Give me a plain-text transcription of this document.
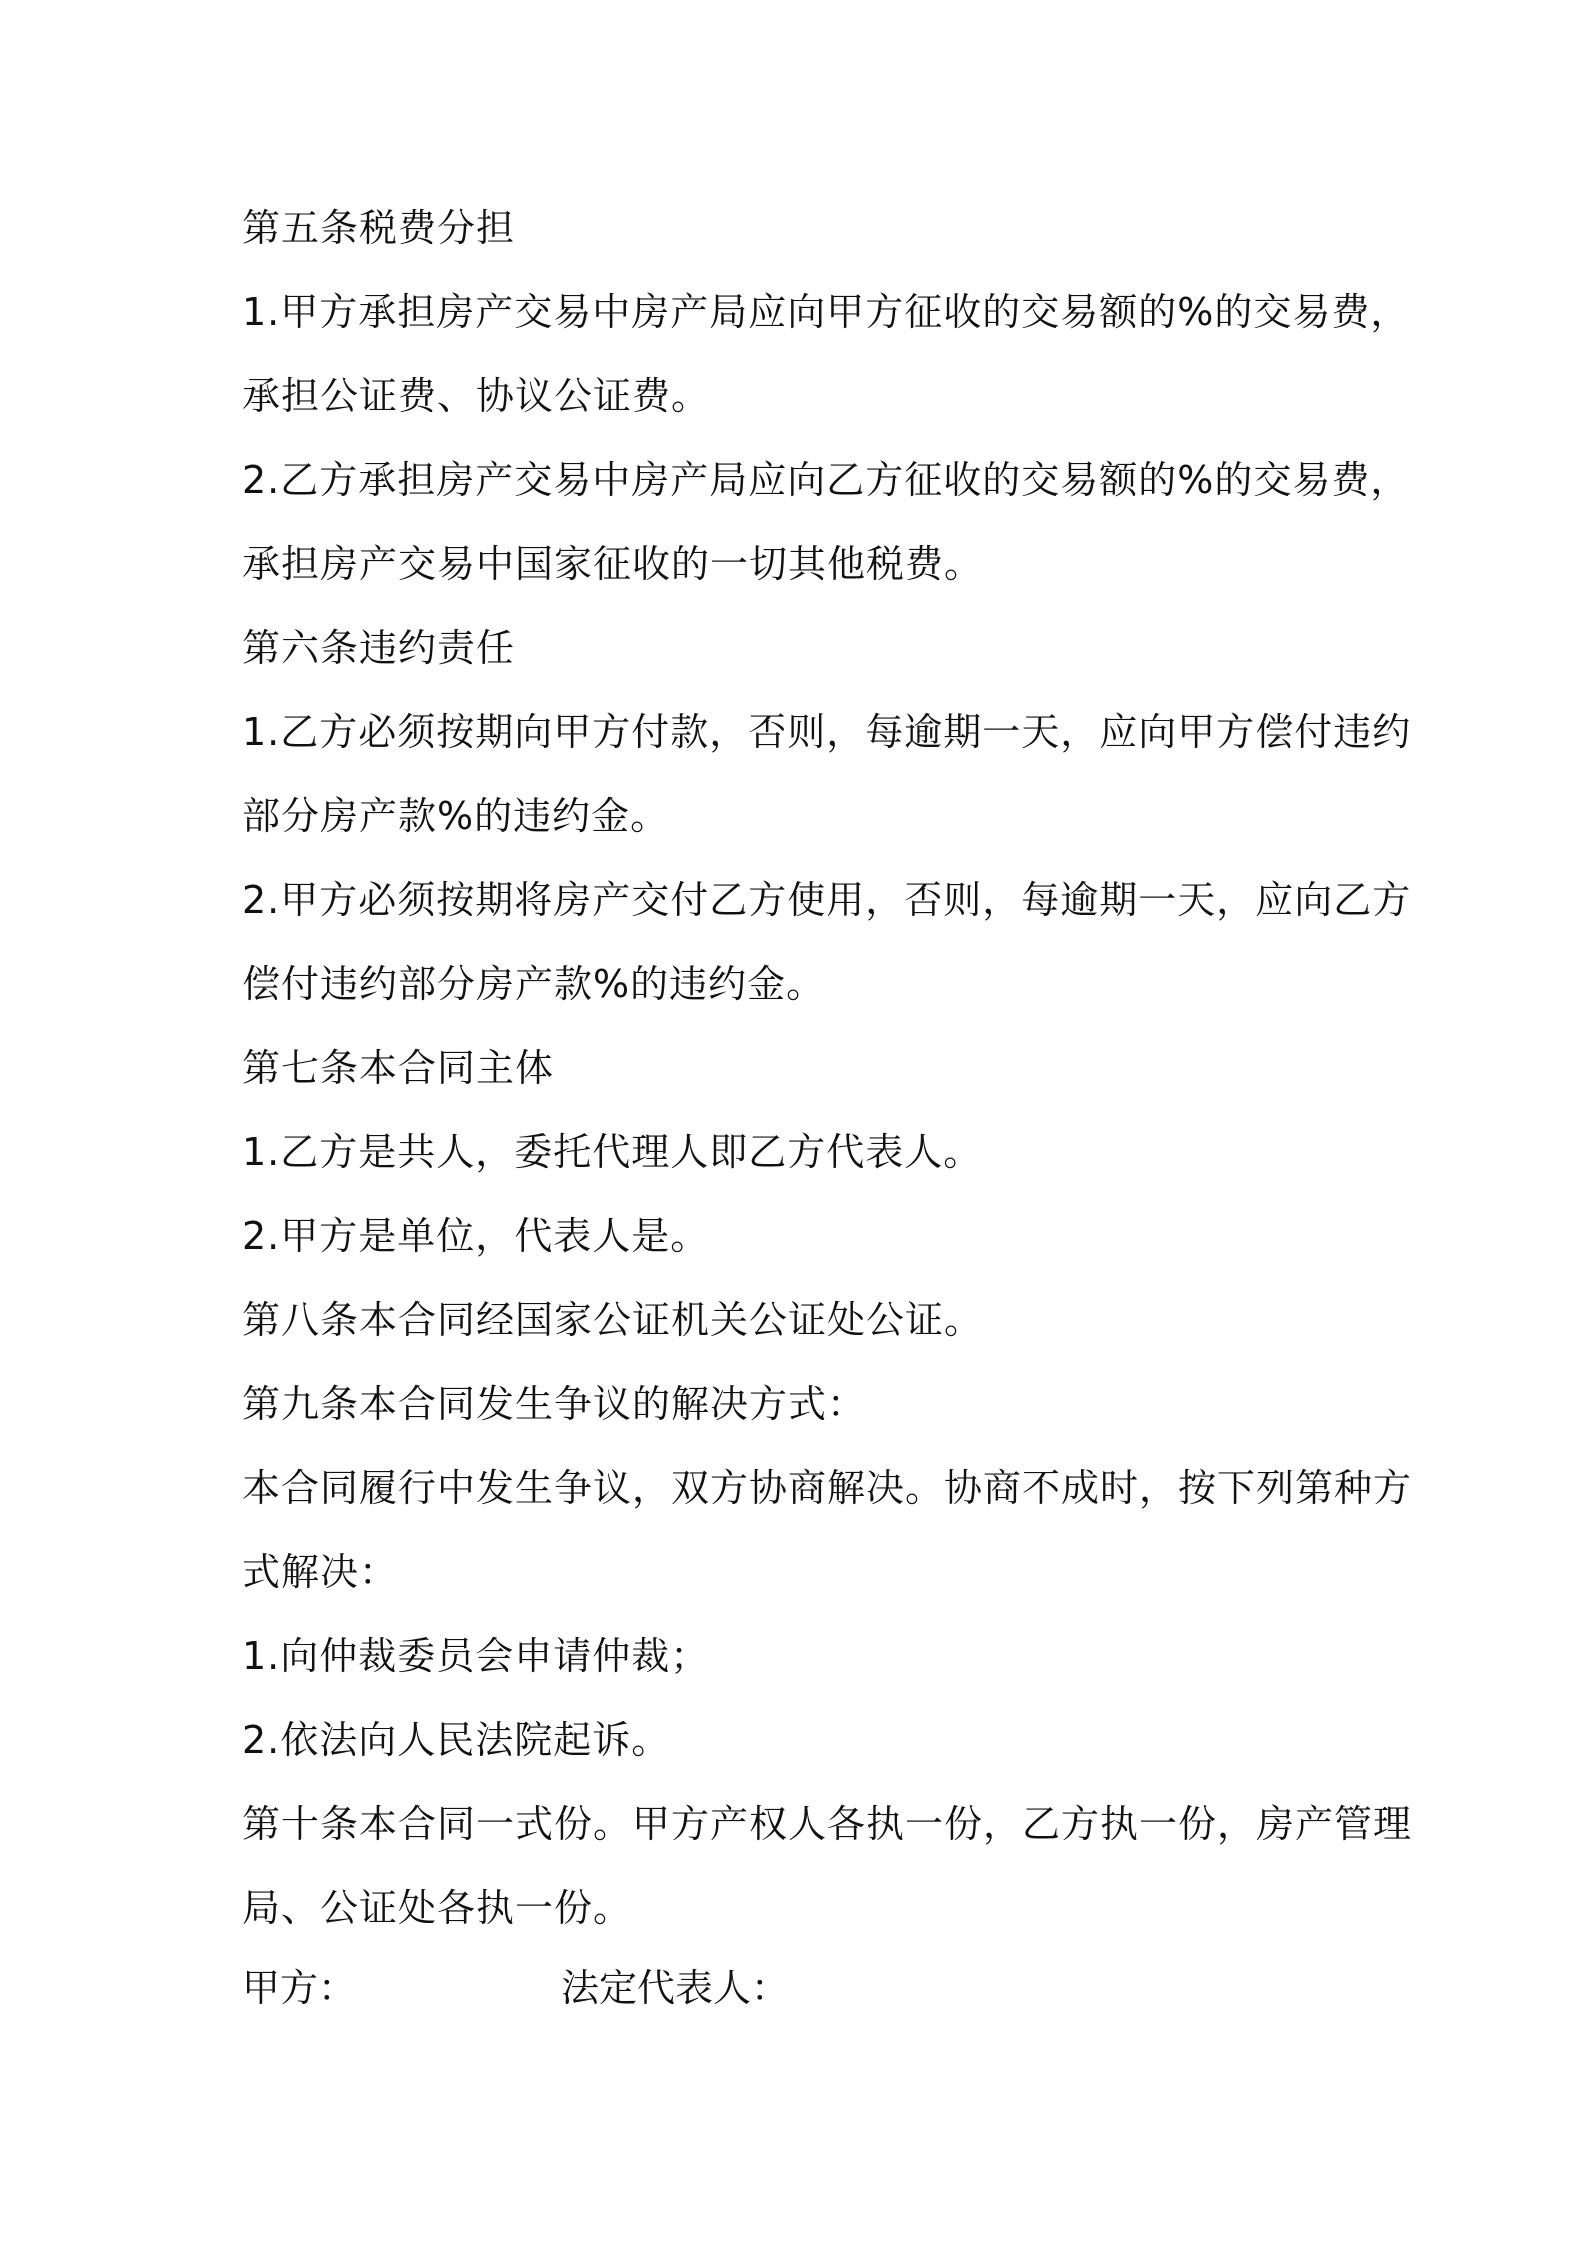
第五条税费分担
1.甲方承担房产交易中房产局应向甲方征收的交易额的%的交易费，
承担公证费、协议公证费。
2.乙方承担房产交易中房产局应向乙方征收的交易额的%的交易费，
承担房产交易中国家征收的一切其他税费。
第六条违约责任
1.乙方必须按期向甲方付款，否则，每逾期一天，应向甲方偿付违约
部分房产款%的违约金。
2.甲方必须按期将房产交付乙方使用，否则，每逾期一天，应向乙方
偿付违约部分房产款%的违约金。
第七条本合同主体
1.乙方是共人，委托代理人即乙方代表人。
2.甲方是单位，代表人是。
第八条本合同经国家公证机关公证处公证。
第九条本合同发生争议的解决方式：
本合同履行中发生争议，双方协商解决。协商不成时，按下列第种方
式解决：
1.向仲裁委员会申请仲裁；
2.依法向人民法院起诉。
第十条本合同一式份。甲方产权人各执一份，乙方执一份，房产管理
局、公证处各执一份。
甲方：	法定代表人：
